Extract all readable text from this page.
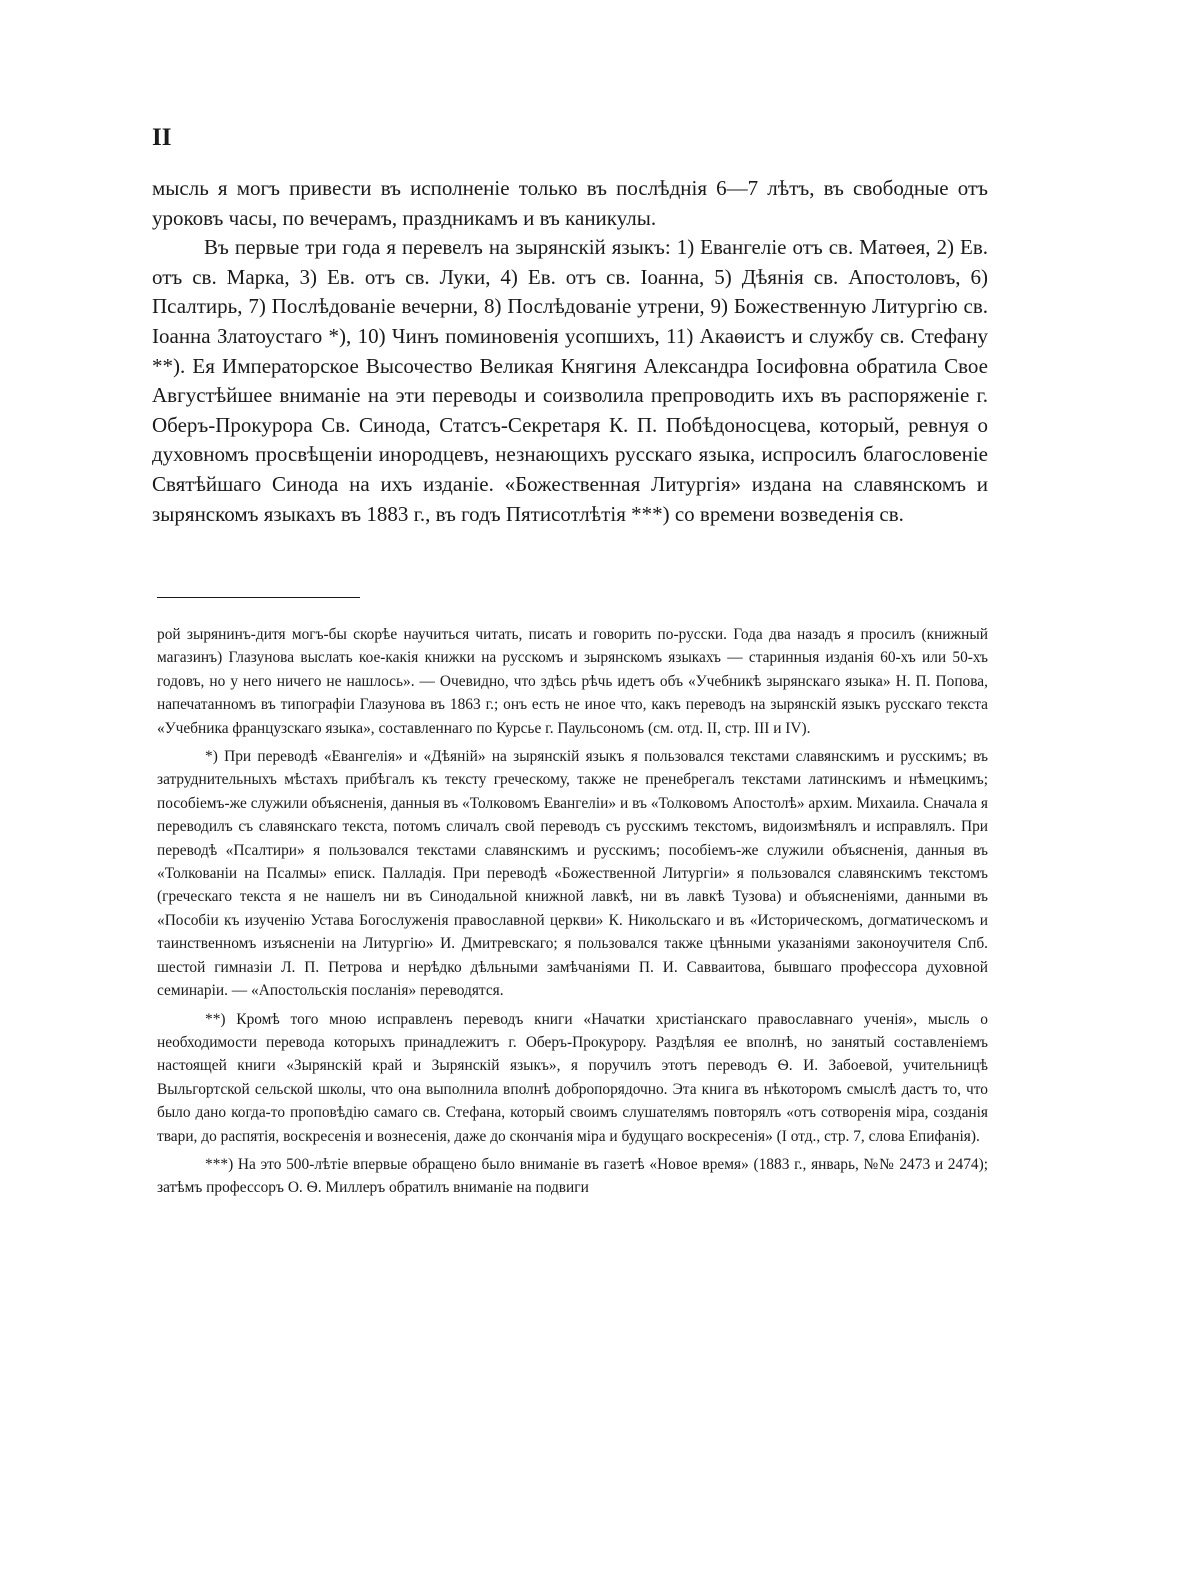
II

мысль я могъ привести въ исполненіе только въ послѣднія 6—7 лѣтъ, въ свободные отъ уроковъ часы, по вечерамъ, праздникамъ и въ каникулы.

Въ первые три года я перевелъ на зырянскій языкъ: 1) Евангеліе отъ св. Матѳея, 2) Ев. отъ св. Марка, 3) Ев. отъ св. Луки, 4) Ев. отъ св. Іоанна, 5) Дѣянія св. Апостоловъ, 6) Псалтирь, 7) Послѣдованіе вечерни, 8) Послѣдованіе утрени, 9) Божественную Литургію св. Іоанна Златоустаго *), 10) Чинъ поминовенія усопшихъ, 11) Акаѳистъ и службу св. Стефану **). Ея Императорское Высочество Великая Княгиня Александра Іосифовна обратила Свое Августѣйшее вниманіе на эти переводы и соизволила препроводить ихъ въ распоряженіе г. Оберъ-Прокурора Св. Синода, Статсъ-Секретаря К. П. Побѣдоносцева, который, ревнуя о духовномъ просвѣщеніи инородцевъ, незнающихъ русскаго языка, испросилъ благословеніе Святѣйшаго Синода на ихъ изданіе. «Божественная Литургія» издана на славянскомъ и зырянскомъ языкахъ въ 1883 г., въ годъ Пятисотлѣтія ***) со времени возведенія св.

рой зырянинъ-дитя могъ-бы скорѣе научиться читать, писать и говорить по-русски. Года два назадъ я просилъ (книжный магазинъ) Глазунова выслать кое-какія книжки на русскомъ и зырянскомъ языкахъ — старинныя изданія 60-хъ или 50-хъ годовъ, но у него ничего не нашлось». — Очевидно, что здѣсь рѣчь идетъ объ «Учебникѣ зырянскаго языка» Н. П. Попова, напечатанномъ въ типографіи Глазунова въ 1863 г.; онъ есть не иное что, какъ переводъ на зырянскій языкъ русскаго текста «Учебника французскаго языка», составленнаго по Курсье г. Паульсономъ (см. отд. II, стр. III и IV).

*) При переводѣ «Евангелія» и «Дѣяній» на зырянскій языкъ я пользовался текстами славянскимъ и русскимъ; въ затруднительныхъ мѣстахъ прибѣгалъ къ тексту греческому, также не пренебрегалъ текстами латинскимъ и нѣмецкимъ; пособіемъ-же служили объясненія, данныя въ «Толковомъ Евангеліи» и въ «Толковомъ Апостолѣ» архим. Михаила. Сначала я переводилъ съ славянскаго текста, потомъ сличалъ свой переводъ съ русскимъ текстомъ, видоизмѣнялъ и исправлялъ. При переводѣ «Псалтири» я пользовался текстами славянскимъ и русскимъ; пособіемъ-же служили объясненія, данныя въ «Толкованіи на Псалмы» еписк. Палладія. При переводѣ «Божественной Литургіи» я пользовался славянскимъ текстомъ (греческаго текста я не нашелъ ни въ Синодальной книжной лавкѣ, ни въ лавкѣ Тузова) и объясненіями, данными въ «Пособіи къ изученію Устава Богослуженія православной церкви» К. Никольскаго и въ «Историческомъ, догматическомъ и таинственномъ изъясненіи на Литургію» И. Дмитревскаго; я пользовался также цѣнными указаніями законоучителя Спб. шестой гимназіи Л. П. Петрова и нерѣдко дѣльными замѣчаніями П. И. Савваитова, бывшаго профессора духовной семинаріи. — «Апостольскія посланія» переводятся.

**) Кромѣ того мною исправленъ переводъ книги «Начатки христіанскаго православнаго ученія», мысль о необходимости перевода которыхъ принадлежитъ г. Оберъ-Прокурору. Раздѣляя ее вполнѣ, но занятый составленіемъ настоящей книги «Зырянскій край и Зырянскій языкъ», я поручилъ этотъ переводъ Ѳ. И. Забоевой, учительницѣ Выльгортской сельской школы, что она выполнила вполнѣ добропорядочно. Эта книга въ нѣкоторомъ смыслѣ дастъ то, что было дано когда-то проповѣдію самаго св. Стефана, который своимъ слушателямъ повторялъ «отъ сотворенія міра, созданія твари, до распятія, воскресенія и вознесенія, даже до скончанія міра и будущаго воскресенія» (I отд., стр. 7, слова Епифанія).

***) На это 500-лѣтіе впервые обращено было вниманіе въ газетѣ «Новое время» (1883 г., январь, №№ 2473 и 2474); затѣмъ профессоръ О. Ѳ. Миллеръ обратилъ вниманіе на подвиги
